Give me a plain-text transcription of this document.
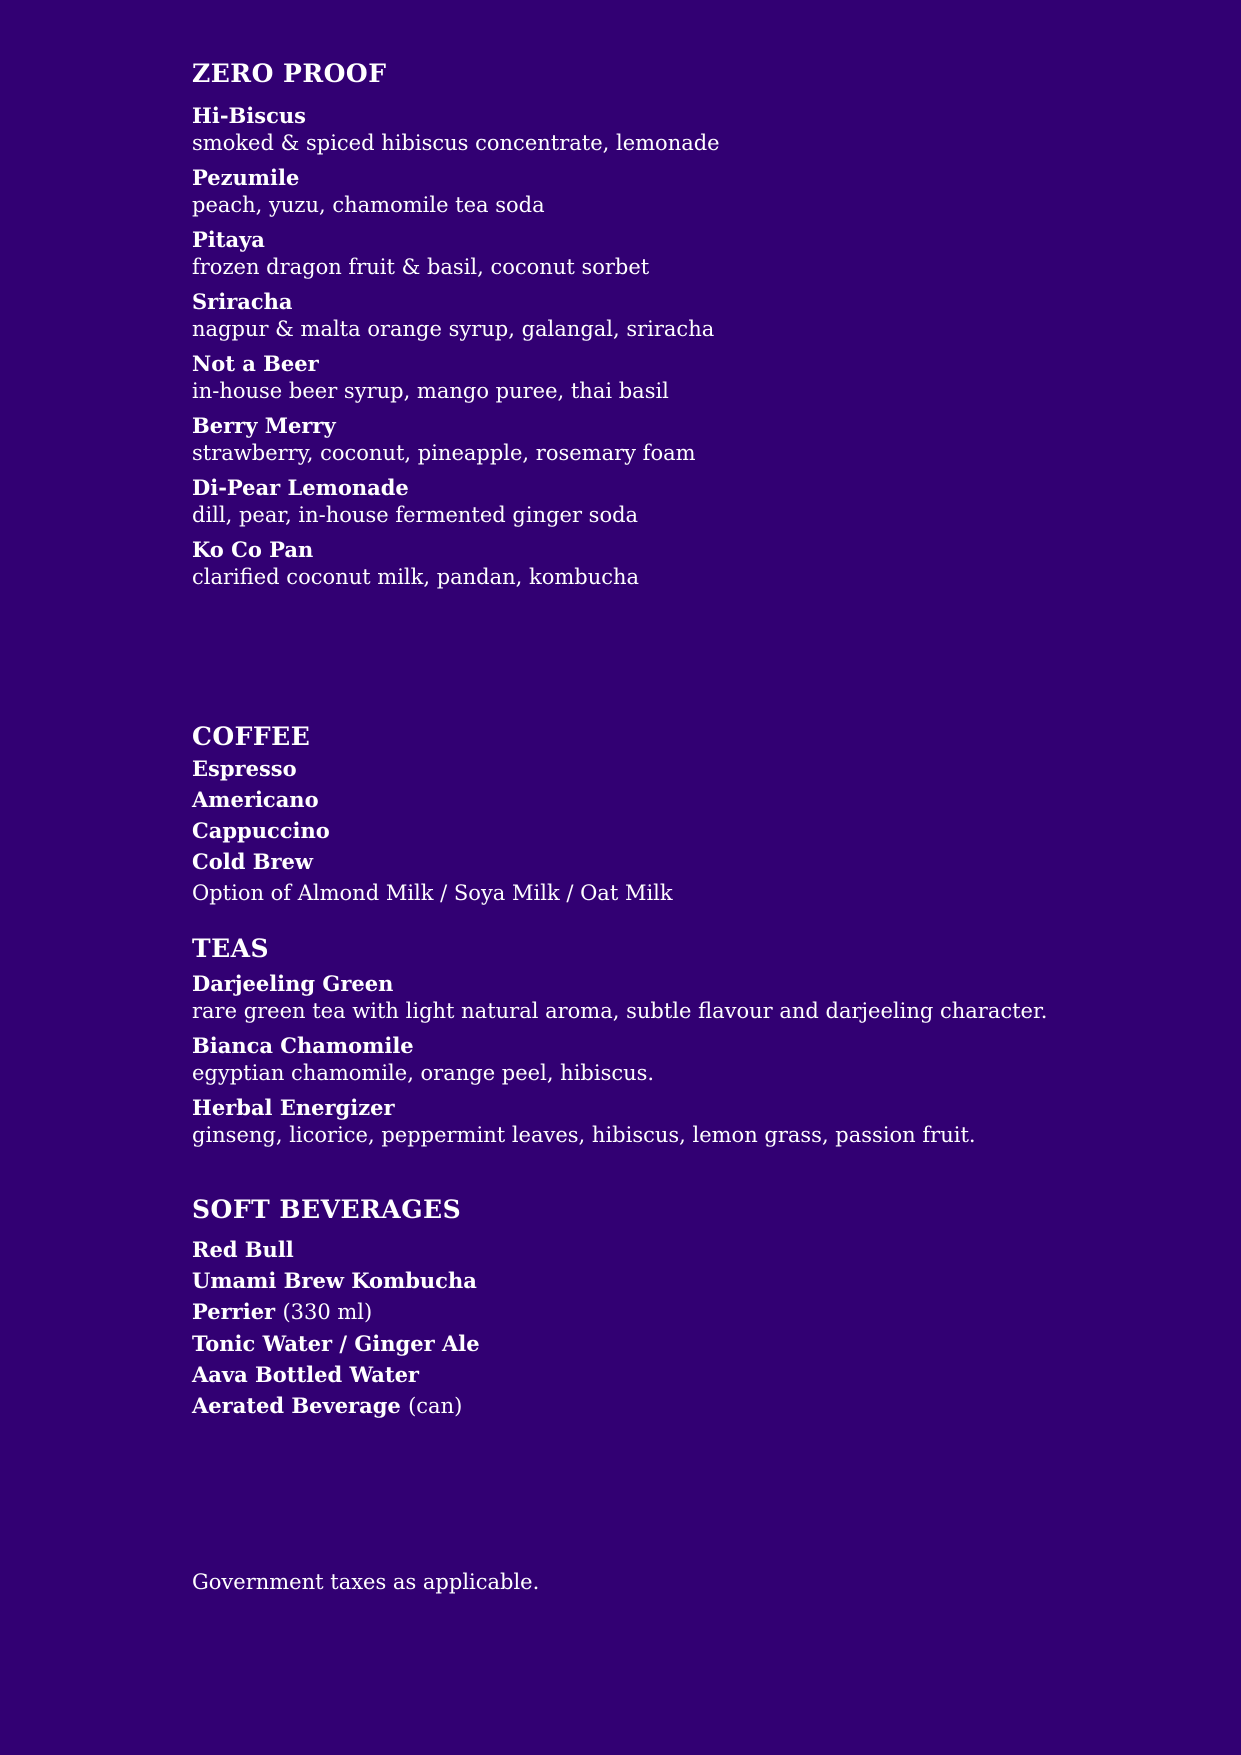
ZERO PROOF
Hi-Biscus
smoked & spiced hibiscus concentrate, lemonade
Pezumile
peach, yuzu, chamomile tea soda
Pitaya
frozen dragon fruit & basil, coconut sorbet
Sriracha
nagpur & malta orange syrup, galangal, sriracha
Not a Beer
in-house beer syrup, mango puree, thai basil
Berry Merry
strawberry, coconut, pineapple, rosemary foam
Di-Pear Lemonade
dill, pear, in-house fermented ginger soda
Ko Co Pan
clarified coconut milk, pandan, kombucha
COFFEE
Espresso
Americano
Cappuccino
Cold Brew
Option of Almond Milk / Soya Milk / Oat Milk
TEAS
Darjeeling Green
rare green tea with light natural aroma, subtle flavour and darjeeling character.
Bianca Chamomile
egyptian chamomile, orange peel, hibiscus.
Herbal Energizer
ginseng, licorice, peppermint leaves, hibiscus, lemon grass, passion fruit.
SOFT BEVERAGES
Red Bull
Umami Brew Kombucha
Perrier (330 ml)
Tonic Water / Ginger Ale
Aava Bottled Water
Aerated Beverage (can)
Government taxes as applicable.
